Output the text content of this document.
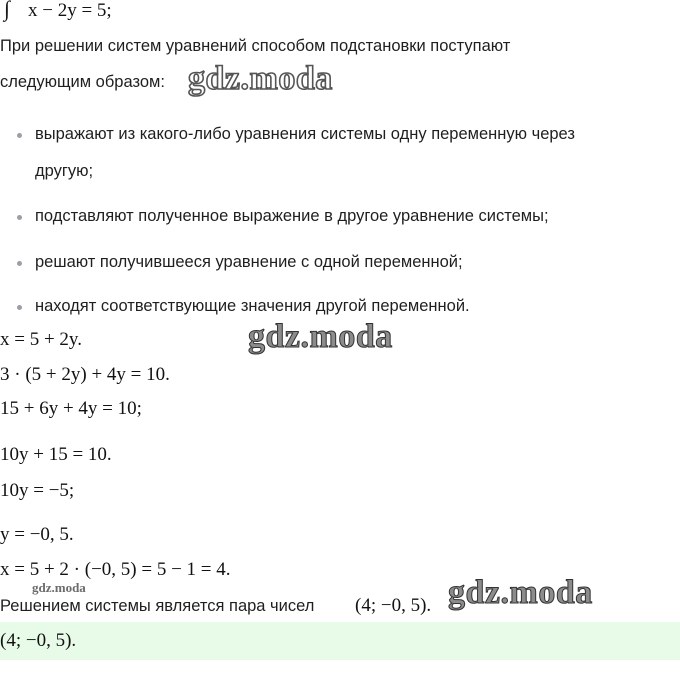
∫ x − 2y = 5;
При решении систем уравнений способом подстановки поступают
следующим образом: gdz.moda
выражают из какого-либо уравнения системы одну переменную через
другую;
подставляют полученное выражение в другое уравнение системы;
решают получившееся уравнение с одной переменной;
находят соответствующие значения другой переменной.
x = 5 + 2y.	gdz.moda
3 · (5 + 2y) + 4y = 10.
15 + 6y + 4y = 10;
10y + 15 = 10.
10y = −5;
y = −0, 5.
x = 5 + 2 · (−0, 5) = 5 − 1 = 4.
gdz.moda
Решением системы является пара чисел (4; −0, 5). gdz.moda
(4; −0, 5).
